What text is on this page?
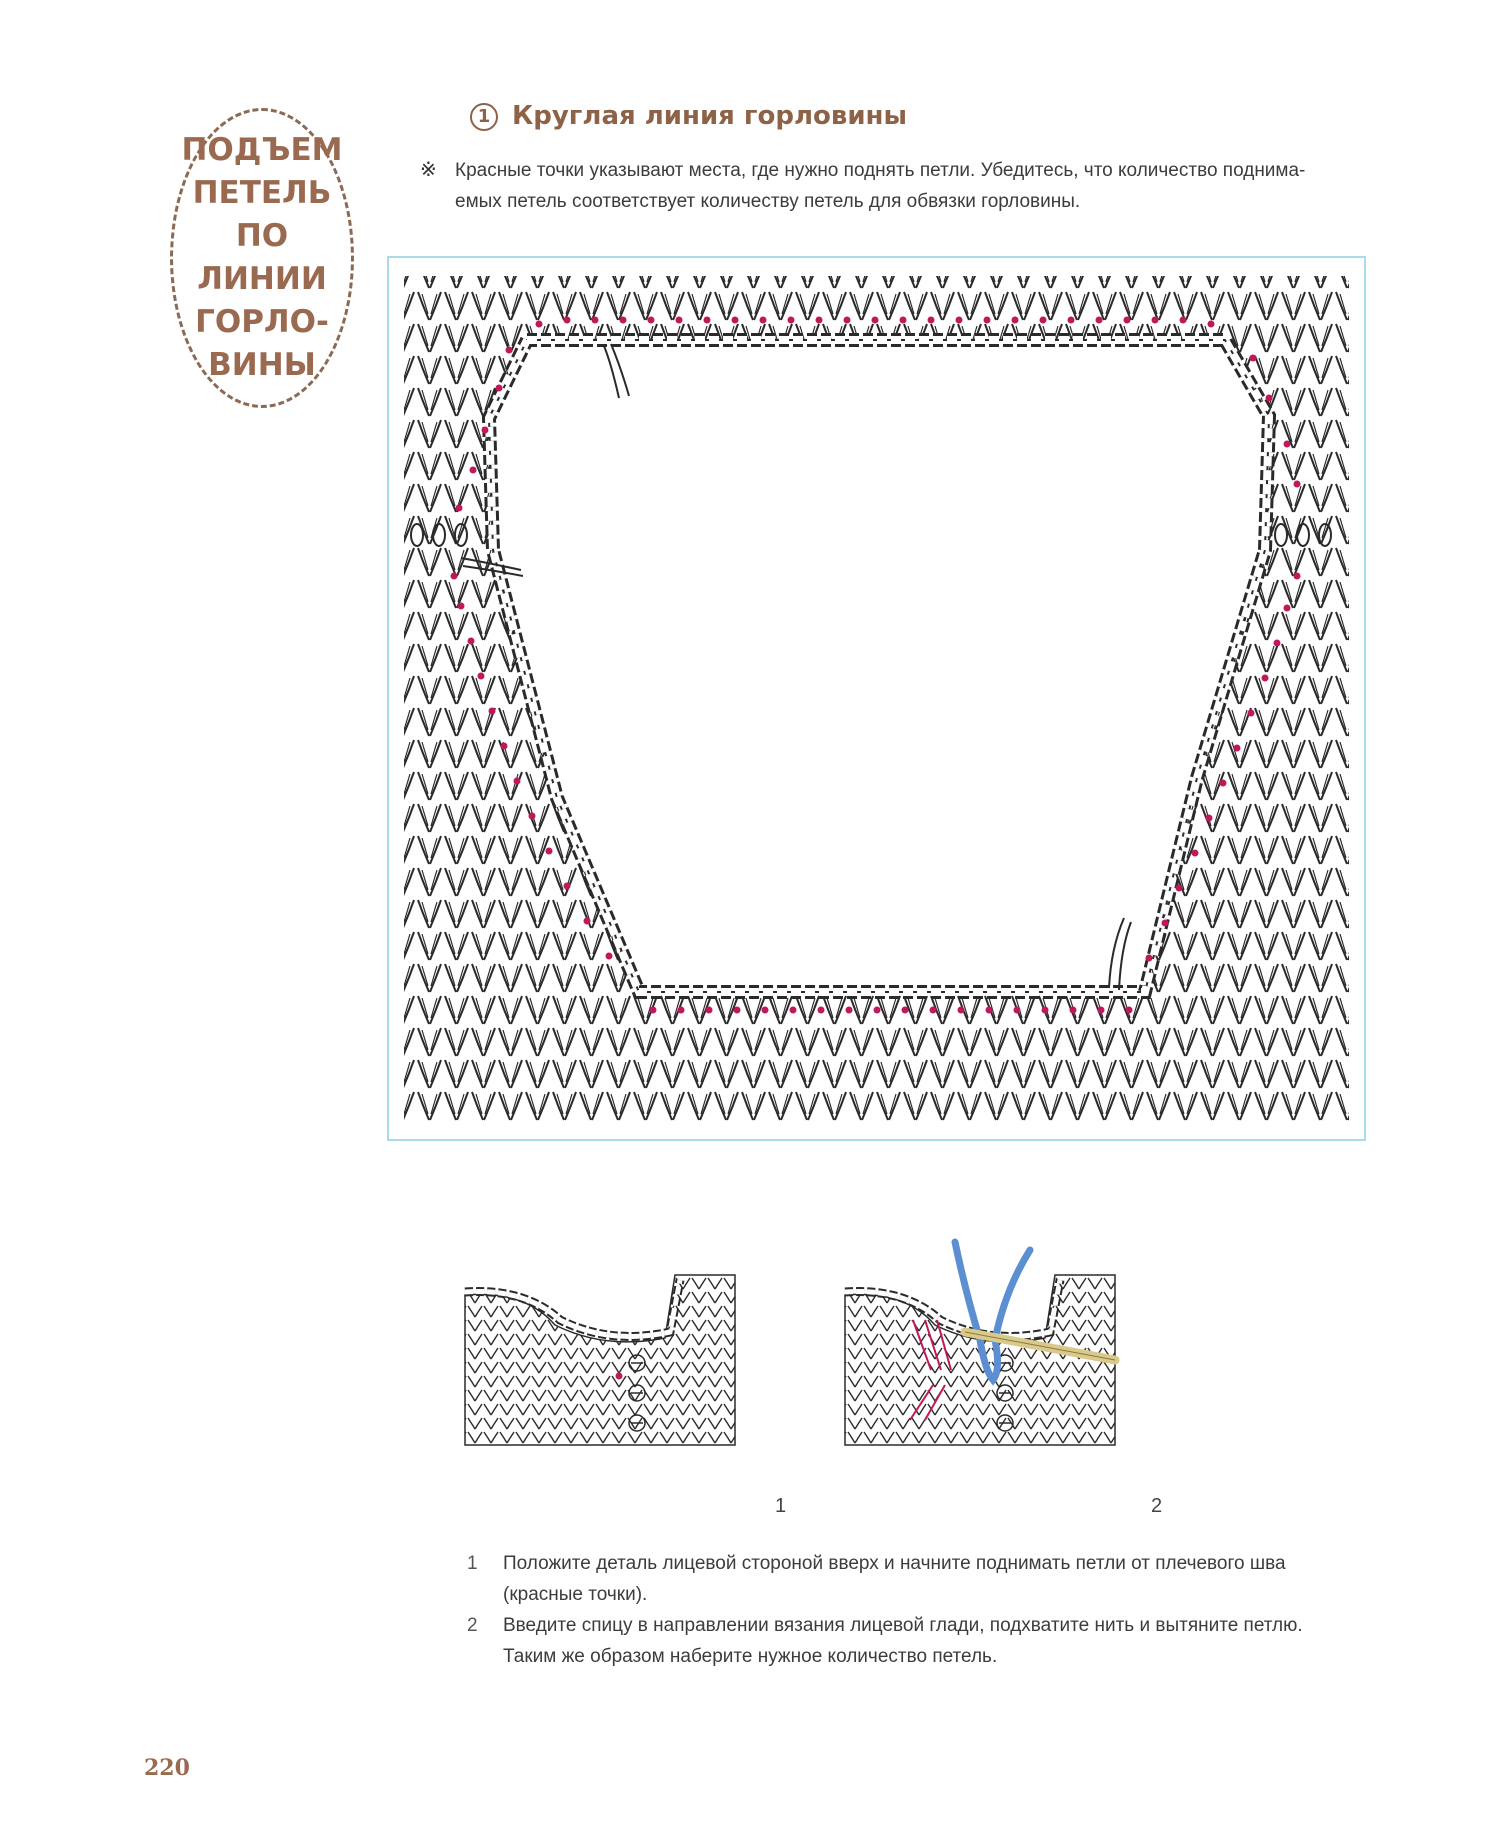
ПОДЪЕМ
ПЕТЕЛЬ
ПО ЛИНИИ
ГОРЛО-
ВИНЫ
1 Круглая линия горловины
※ Красные точки указывают места, где нужно поднять петли. Убедитесь, что количество поднима-емых петель соответствует количеству петель для обвязки горловины.
1	2
1 Положите деталь лицевой стороной вверх и начните поднимать петли от плечевого шва (красные точки).
2 Введите спицу в направлении вязания лицевой глади, подхватите нить и вытяните петлю. Таким же образом наберите нужное количество петель.
220
